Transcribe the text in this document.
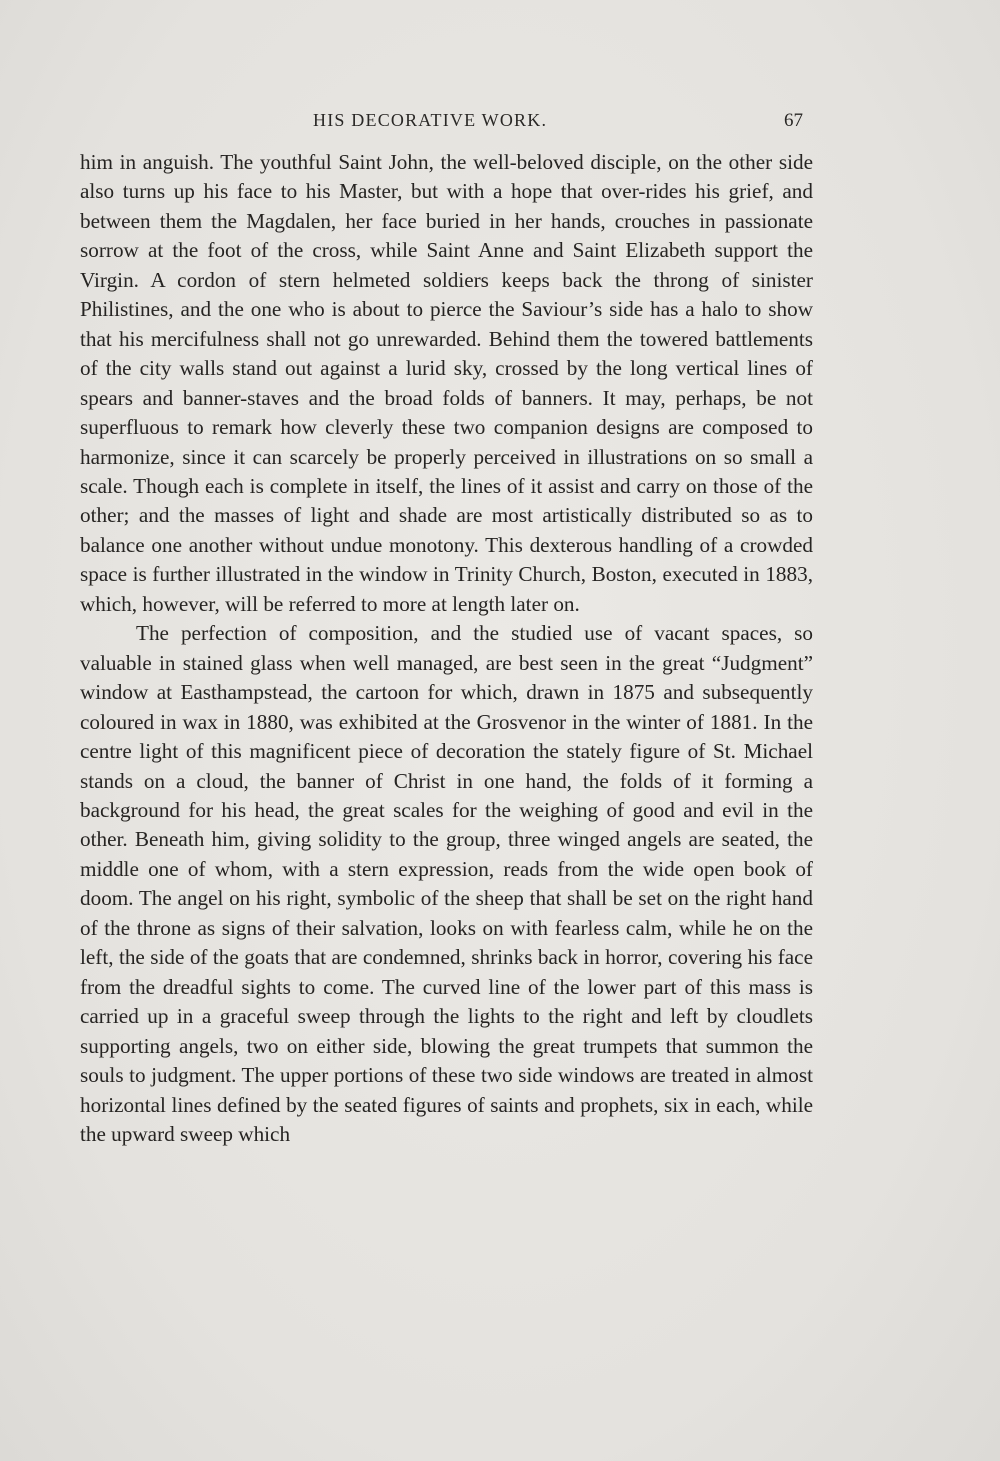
HIS DECORATIVE WORK.	67

him in anguish. The youthful Saint John, the well-beloved disciple, on the other side also turns up his face to his Master, but with a hope that over-rides his grief, and between them the Magdalen, her face buried in her hands, crouches in passionate sorrow at the foot of the cross, while Saint Anne and Saint Elizabeth support the Virgin. A cordon of stern helmeted soldiers keeps back the throng of sinister Philistines, and the one who is about to pierce the Saviour’s side has a halo to show that his mercifulness shall not go unrewarded. Behind them the towered battlements of the city walls stand out against a lurid sky, crossed by the long vertical lines of spears and banner-staves and the broad folds of banners. It may, perhaps, be not superfluous to remark how cleverly these two companion designs are composed to harmonize, since it can scarcely be properly perceived in illustrations on so small a scale. Though each is complete in itself, the lines of it assist and carry on those of the other; and the masses of light and shade are most artistically distributed so as to balance one another without undue monotony. This dexterous handling of a crowded space is further illustrated in the window in Trinity Church, Boston, executed in 1883, which, however, will be referred to more at length later on.

The perfection of composition, and the studied use of vacant spaces, so valuable in stained glass when well managed, are best seen in the great “Judgment” window at Easthampstead, the cartoon for which, drawn in 1875 and subsequently coloured in wax in 1880, was exhibited at the Grosvenor in the winter of 1881. In the centre light of this magnificent piece of decoration the stately figure of St. Michael stands on a cloud, the banner of Christ in one hand, the folds of it forming a background for his head, the great scales for the weighing of good and evil in the other. Beneath him, giving solidity to the group, three winged angels are seated, the middle one of whom, with a stern expression, reads from the wide open book of doom. The angel on his right, symbolic of the sheep that shall be set on the right hand of the throne as signs of their salvation, looks on with fearless calm, while he on the left, the side of the goats that are condemned, shrinks back in horror, covering his face from the dreadful sights to come. The curved line of the lower part of this mass is carried up in a graceful sweep through the lights to the right and left by cloudlets supporting angels, two on either side, blowing the great trumpets that summon the souls to judgment. The upper portions of these two side windows are treated in almost horizontal lines defined by the seated figures of saints and prophets, six in each, while the upward sweep which
